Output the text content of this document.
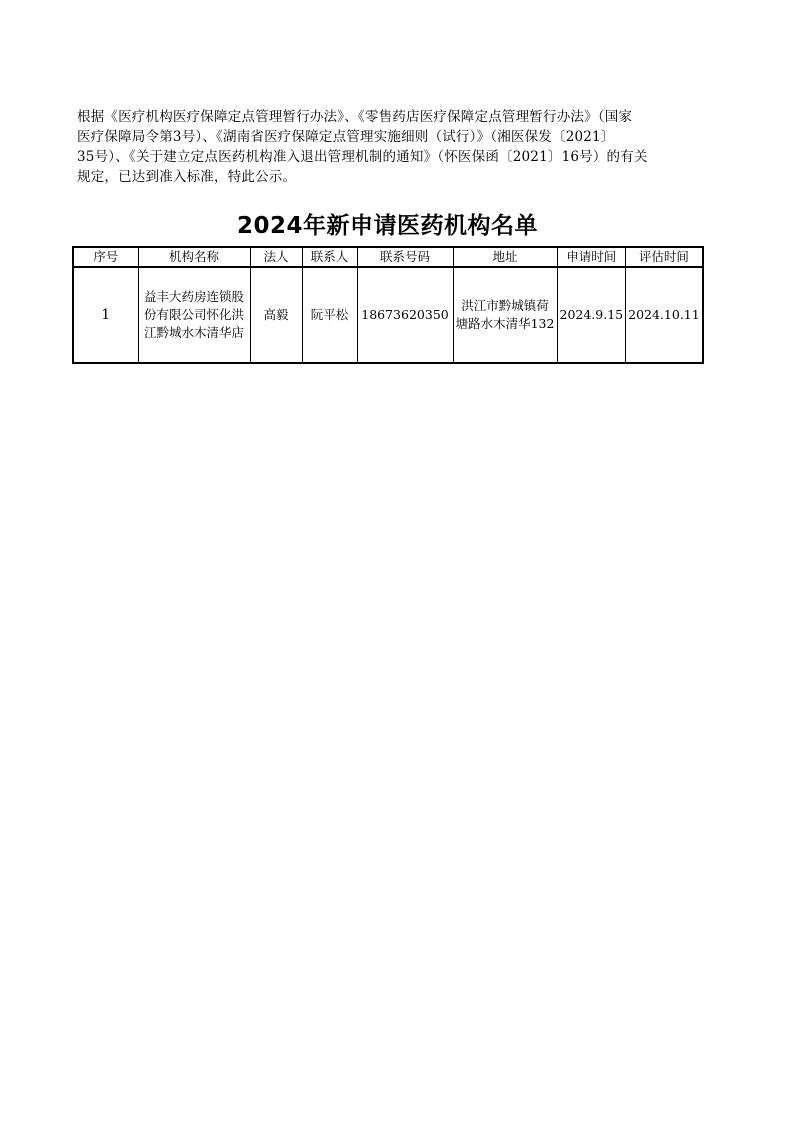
根据《医疗机构医疗保障定点管理暂行办法》、《零售药店医疗保障定点管理暂行办法》（国家
医疗保障局令第3号）、《湖南省医疗保障定点管理实施细则（试行）》（湘医保发〔2021〕
35号）、《关于建立定点医药机构准入退出管理机制的通知》（怀医保函〔2021〕16号）的有关
规定，已达到准入标准，特此公示。
2024年新申请医药机构名单
序号	机构名称	法人	联系人	联系号码	地址	申请时间	评估时间
1	益丰大药房连锁股份有限公司怀化洪江黔城水木清华店	高毅	阮平松	18673620350	洪江市黔城镇荷塘路水木清华132	2024.9.15	2024.10.11
